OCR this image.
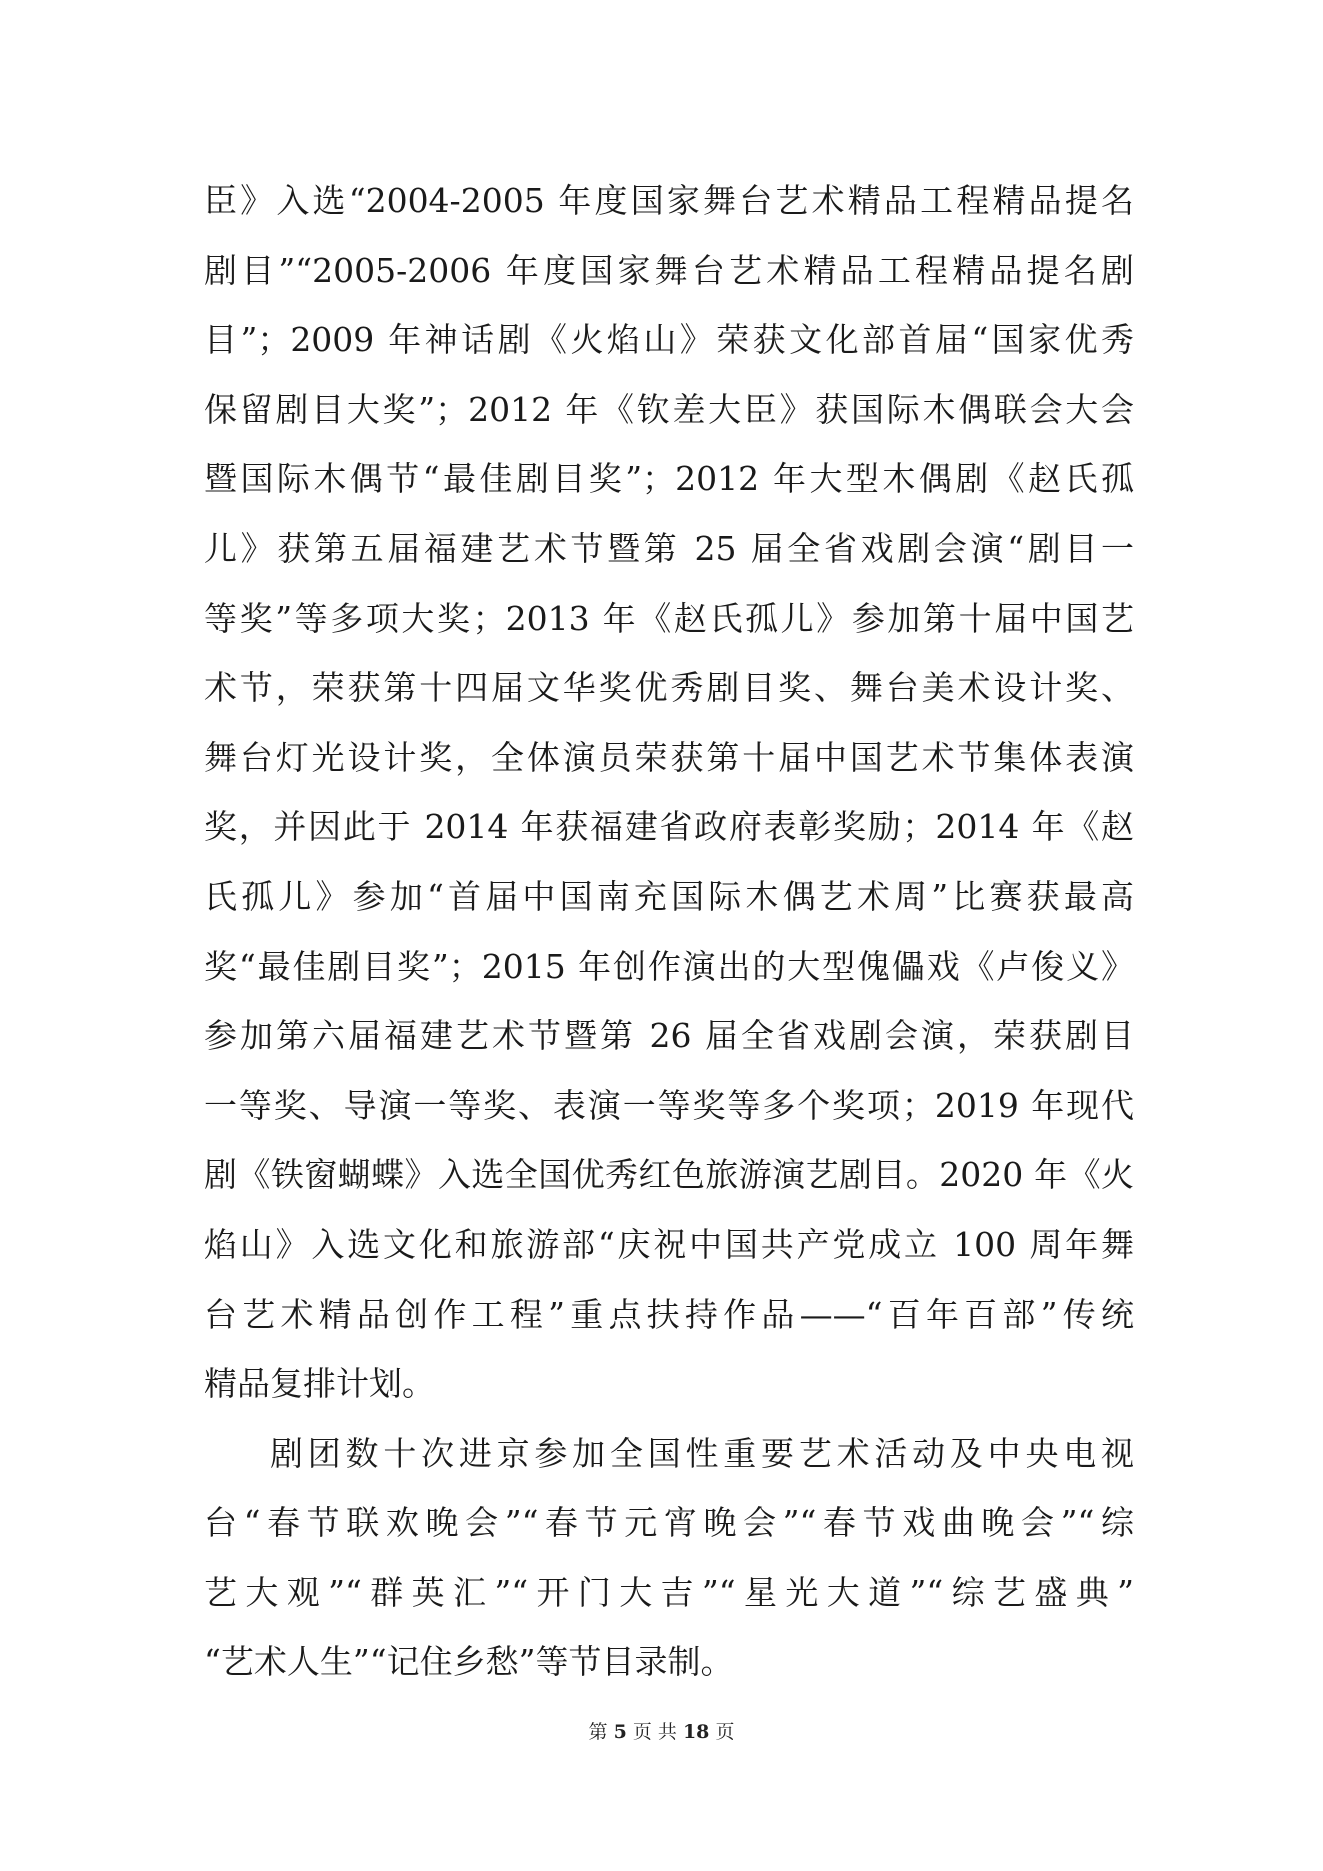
臣》入选“2004-2005 年度国家舞台艺术精品工程精品提名
剧目”“2005-2006 年度国家舞台艺术精品工程精品提名剧
目”；2009 年神话剧《火焰山》荣获文化部首届“国家优秀
保留剧目大奖”；2012 年《钦差大臣》获国际木偶联会大会
暨国际木偶节“最佳剧目奖”；2012 年大型木偶剧《赵氏孤
儿》获第五届福建艺术节暨第 25 届全省戏剧会演“剧目一
等奖”等多项大奖；2013 年《赵氏孤儿》参加第十届中国艺
术节，荣获第十四届文华奖优秀剧目奖、舞台美术设计奖、
舞台灯光设计奖，全体演员荣获第十届中国艺术节集体表演
奖，并因此于 2014 年获福建省政府表彰奖励；2014 年《赵
氏孤儿》参加“首届中国南充国际木偶艺术周”比赛获最高
奖“最佳剧目奖”；2015 年创作演出的大型傀儡戏《卢俊义》
参加第六届福建艺术节暨第 26 届全省戏剧会演，荣获剧目
一等奖、导演一等奖、表演一等奖等多个奖项；2019 年现代
剧《铁窗蝴蝶》入选全国优秀红色旅游演艺剧目。2020 年《火
焰山》入选文化和旅游部“庆祝中国共产党成立 100 周年舞
台艺术精品创作工程”重点扶持作品——“百年百部”传统
精品复排计划。
剧团数十次进京参加全国性重要艺术活动及中央电视
台“春节联欢晚会”“春节元宵晚会”“春节戏曲晚会”“综
艺大观”“群英汇”“开门大吉”“星光大道”“综艺盛典”
“艺术人生”“记住乡愁”等节目录制。
第 5 页 共 18 页
